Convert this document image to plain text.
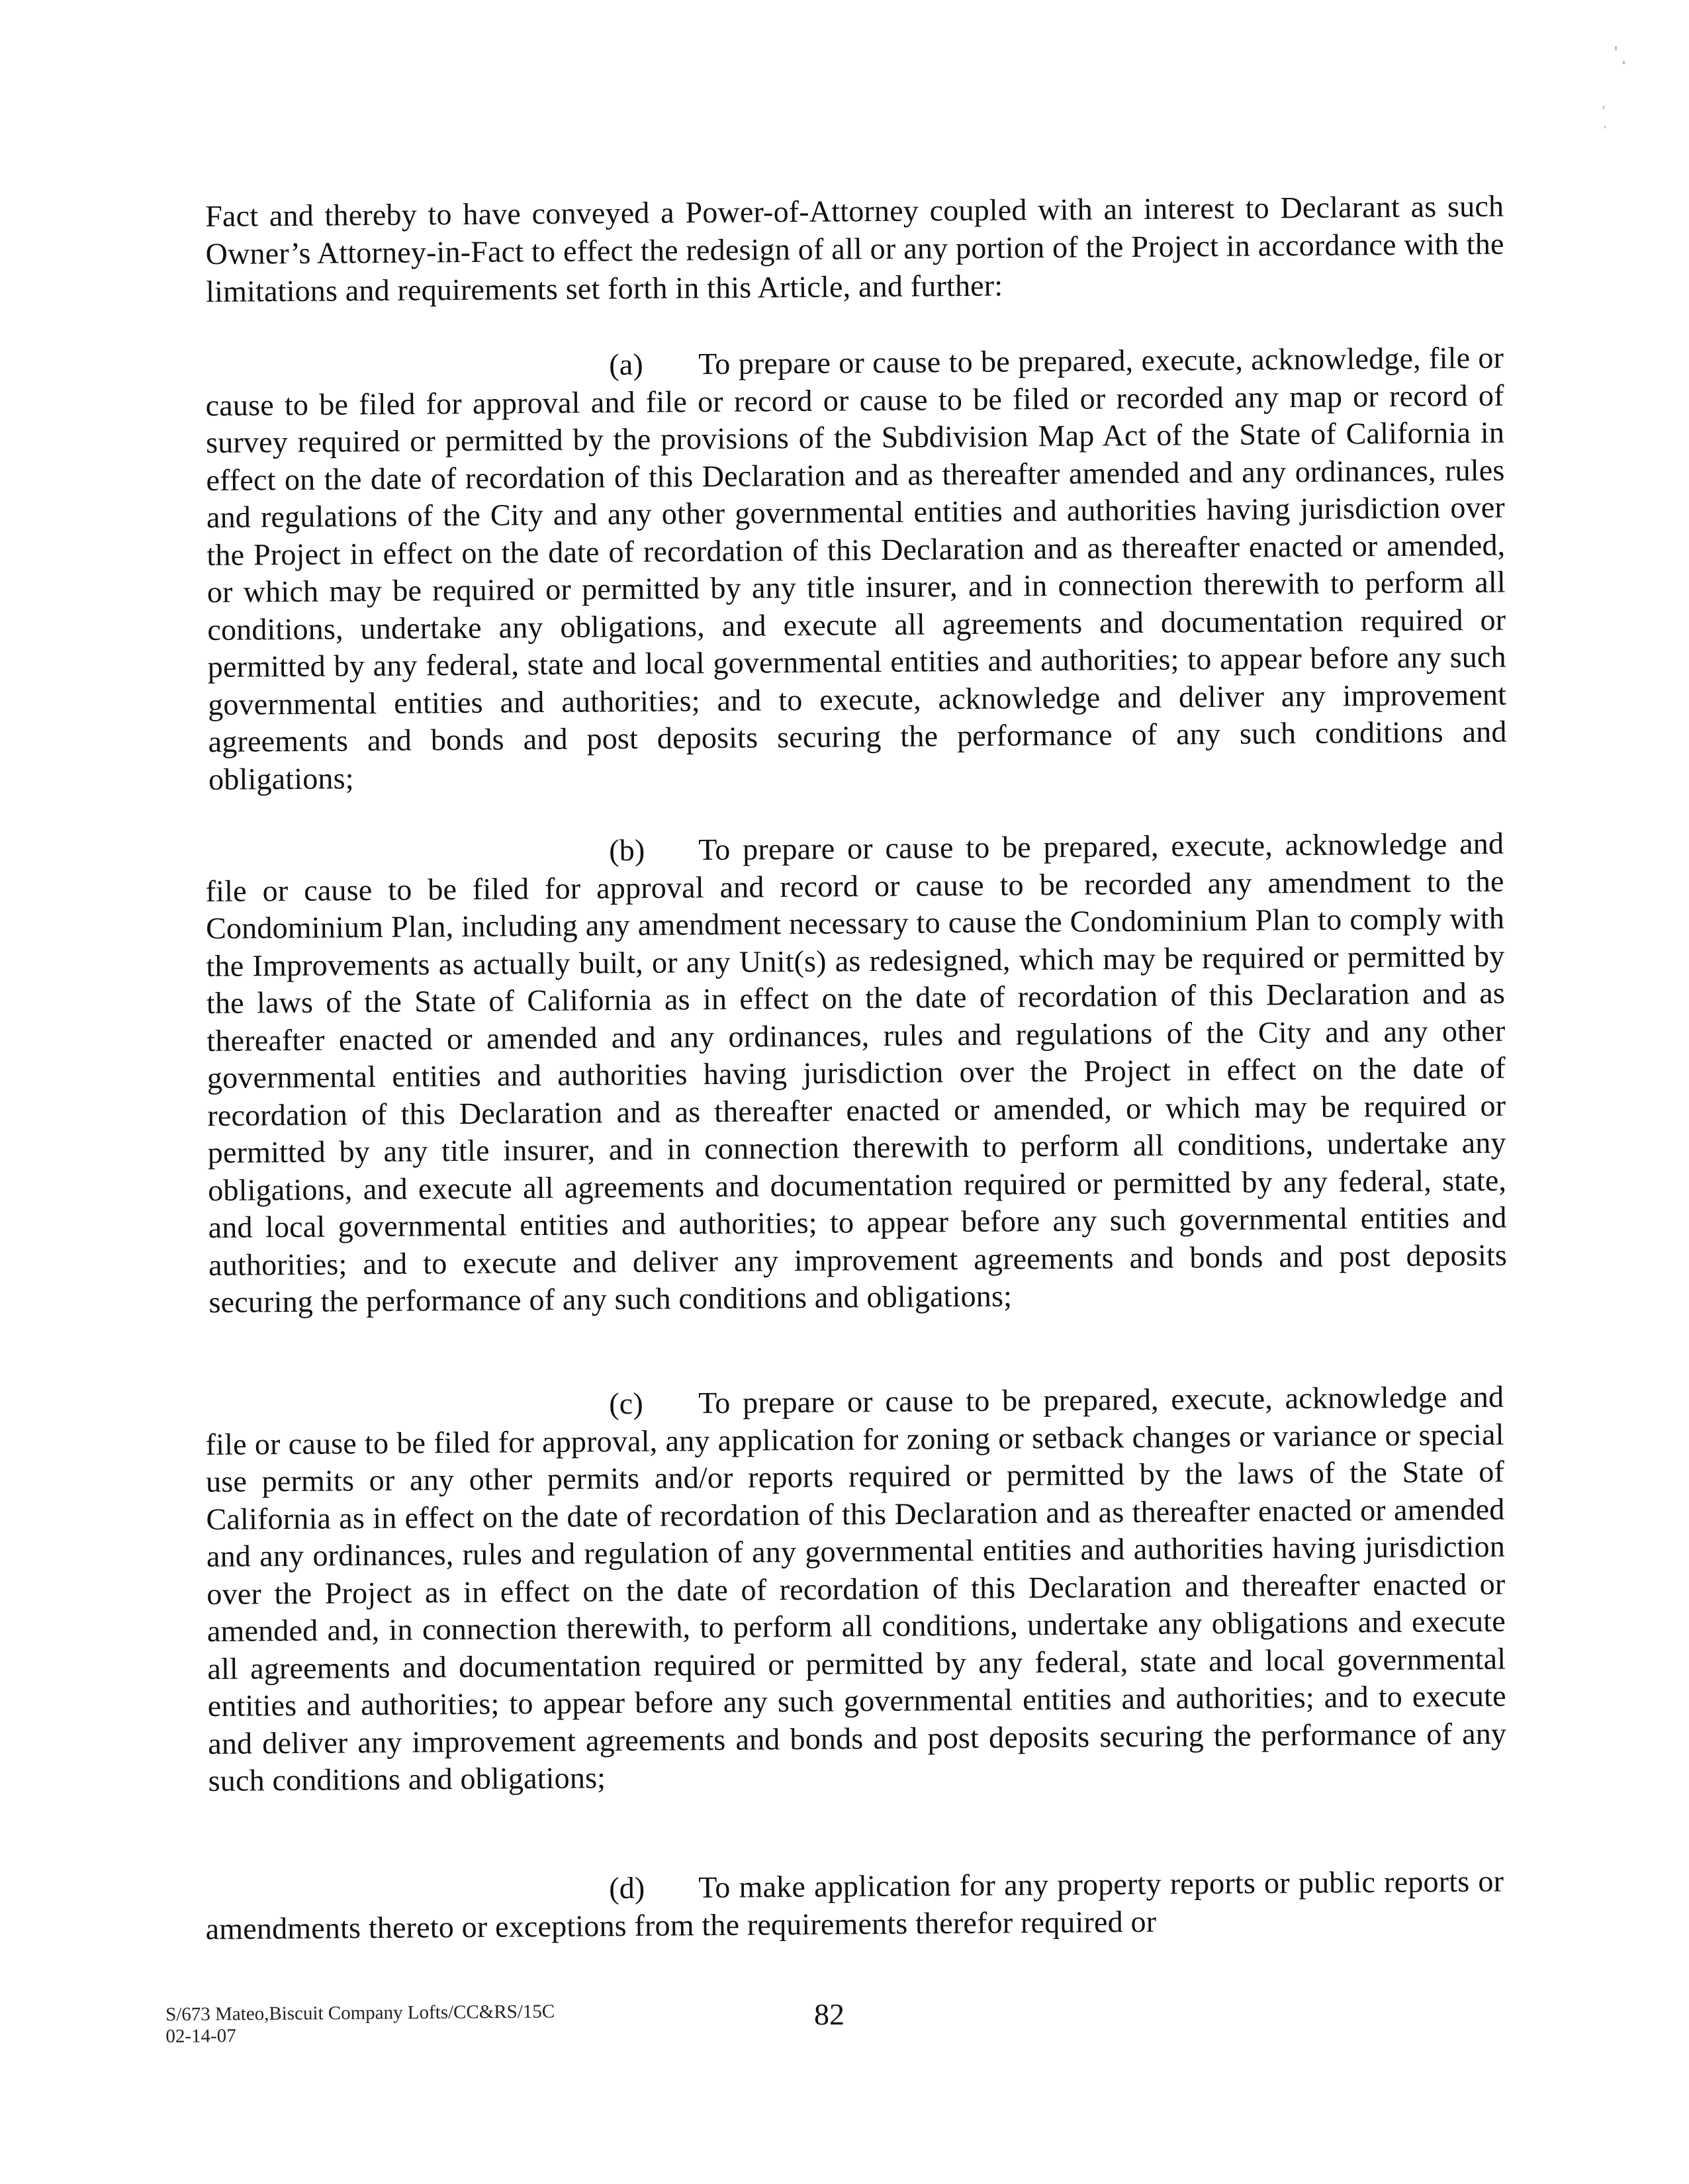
Fact and thereby to have conveyed a Power-of-Attorney coupled with an interest to Declarant as such Owner’s Attorney-in-Fact to effect the redesign of all or any portion of the Project in accordance with the limitations and requirements set forth in this Article, and further:
(a) To prepare or cause to be prepared, execute, acknowledge, file or cause to be filed for approval and file or record or cause to be filed or recorded any map or record of survey required or permitted by the provisions of the Subdivision Map Act of the State of California in effect on the date of recordation of this Declaration and as thereafter amended and any ordinances, rules and regulations of the City and any other governmental entities and authorities having jurisdiction over the Project in effect on the date of recordation of this Declaration and as thereafter enacted or amended, or which may be required or permitted by any title insurer, and in connection therewith to perform all conditions, undertake any obligations, and execute all agreements and documentation required or permitted by any federal, state and local governmental entities and authorities; to appear before any such governmental entities and authorities; and to execute, acknowledge and deliver any improvement agreements and bonds and post deposits securing the performance of any such conditions and obligations;
(b) To prepare or cause to be prepared, execute, acknowledge and file or cause to be filed for approval and record or cause to be recorded any amendment to the Condominium Plan, including any amendment necessary to cause the Condominium Plan to comply with the Improvements as actually built, or any Unit(s) as redesigned, which may be required or permitted by the laws of the State of California as in effect on the date of recordation of this Declaration and as thereafter enacted or amended and any ordinances, rules and regulations of the City and any other governmental entities and authorities having jurisdiction over the Project in effect on the date of recordation of this Declaration and as thereafter enacted or amended, or which may be required or permitted by any title insurer, and in connection therewith to perform all conditions, undertake any obligations, and execute all agreements and documentation required or permitted by any federal, state, and local governmental entities and authorities; to appear before any such governmental entities and authorities; and to execute and deliver any improvement agreements and bonds and post deposits securing the performance of any such conditions and obligations;
(c) To prepare or cause to be prepared, execute, acknowledge and file or cause to be filed for approval, any application for zoning or setback changes or variance or special use permits or any other permits and/or reports required or permitted by the laws of the State of California as in effect on the date of recordation of this Declaration and as thereafter enacted or amended and any ordinances, rules and regulation of any governmental entities and authorities having jurisdiction over the Project as in effect on the date of recordation of this Declaration and thereafter enacted or amended and, in connection therewith, to perform all conditions, undertake any obligations and execute all agreements and documentation required or permitted by any federal, state and local governmental entities and authorities; to appear before any such governmental entities and authorities; and to execute and deliver any improvement agreements and bonds and post deposits securing the performance of any such conditions and obligations;
(d) To make application for any property reports or public reports or amendments thereto or exceptions from the requirements therefor required or
S/673 Mateo,Biscuit Company Lofts/CC&RS/15C
02-14-07
82
